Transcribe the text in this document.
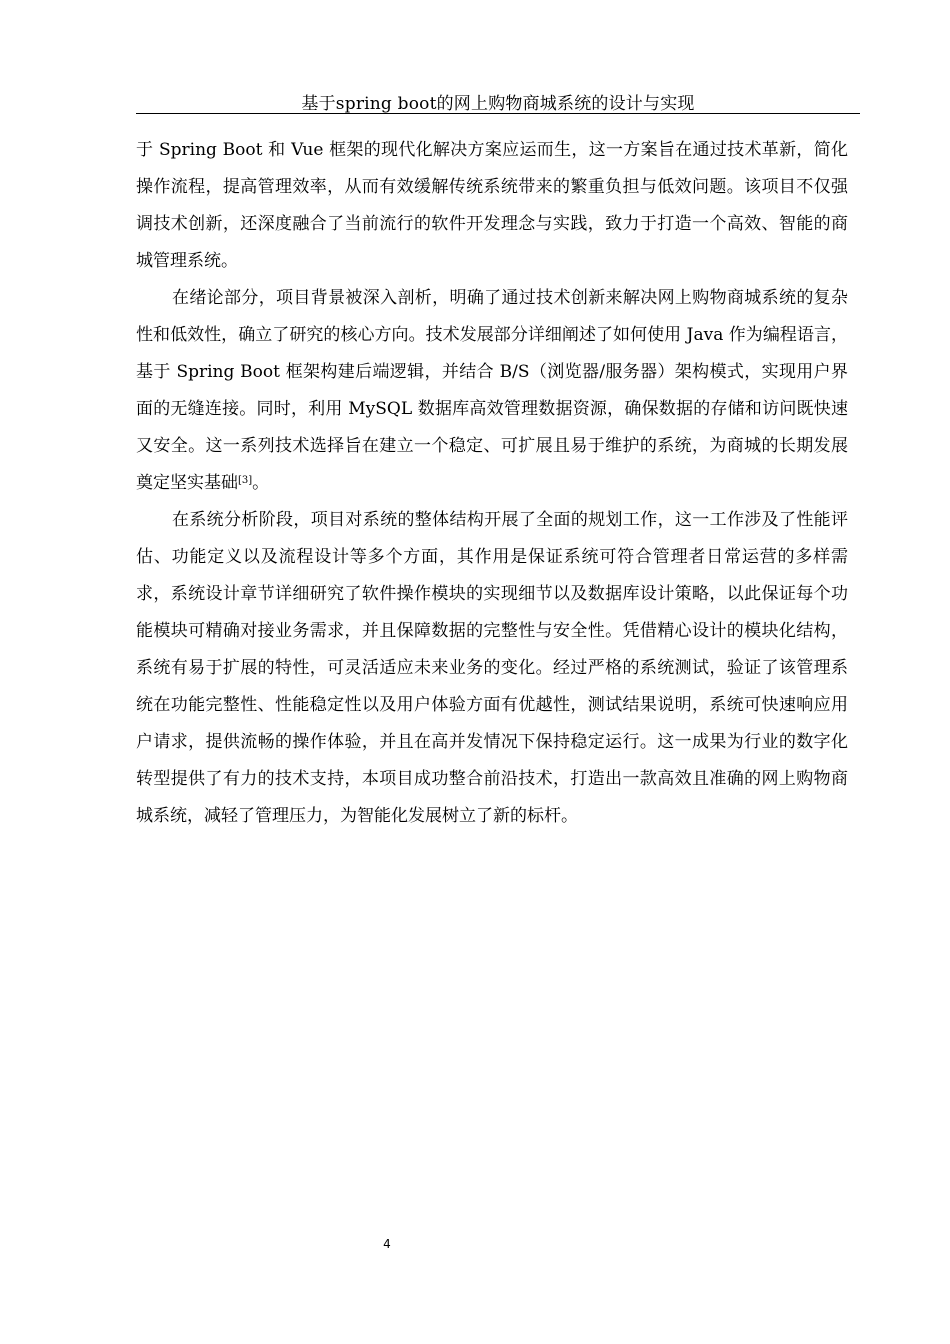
基于spring boot的网上购物商城系统的设计与实现

于 Spring Boot 和 Vue 框架的现代化解决方案应运而生，这一方案旨在通过技术革新，简化操作流程，提高管理效率，从而有效缓解传统系统带来的繁重负担与低效问题。该项目不仅强调技术创新，还深度融合了当前流行的软件开发理念与实践，致力于打造一个高效、智能的商城管理系统。

在绪论部分，项目背景被深入剖析，明确了通过技术创新来解决网上购物商城系统的复杂性和低效性，确立了研究的核心方向。技术发展部分详细阐述了如何使用 Java 作为编程语言，基于 Spring Boot 框架构建后端逻辑，并结合 B/S（浏览器/服务器）架构模式，实现用户界面的无缝连接。同时，利用 MySQL 数据库高效管理数据资源，确保数据的存储和访问既快速又安全。这一系列技术选择旨在建立一个稳定、可扩展且易于维护的系统，为商城的长期发展奠定坚实基础[3]。

在系统分析阶段，项目对系统的整体结构开展了全面的规划工作，这一工作涉及了性能评估、功能定义以及流程设计等多个方面，其作用是保证系统可符合管理者日常运营的多样需求，系统设计章节详细研究了软件操作模块的实现细节以及数据库设计策略，以此保证每个功能模块可精确对接业务需求，并且保障数据的完整性与安全性。凭借精心设计的模块化结构，系统有易于扩展的特性，可灵活适应未来业务的变化。经过严格的系统测试，验证了该管理系统在功能完整性、性能稳定性以及用户体验方面有优越性，测试结果说明，系统可快速响应用户请求，提供流畅的操作体验，并且在高并发情况下保持稳定运行。这一成果为行业的数字化转型提供了有力的技术支持，本项目成功整合前沿技术，打造出一款高效且准确的网上购物商城系统，减轻了管理压力，为智能化发展树立了新的标杆。

4
